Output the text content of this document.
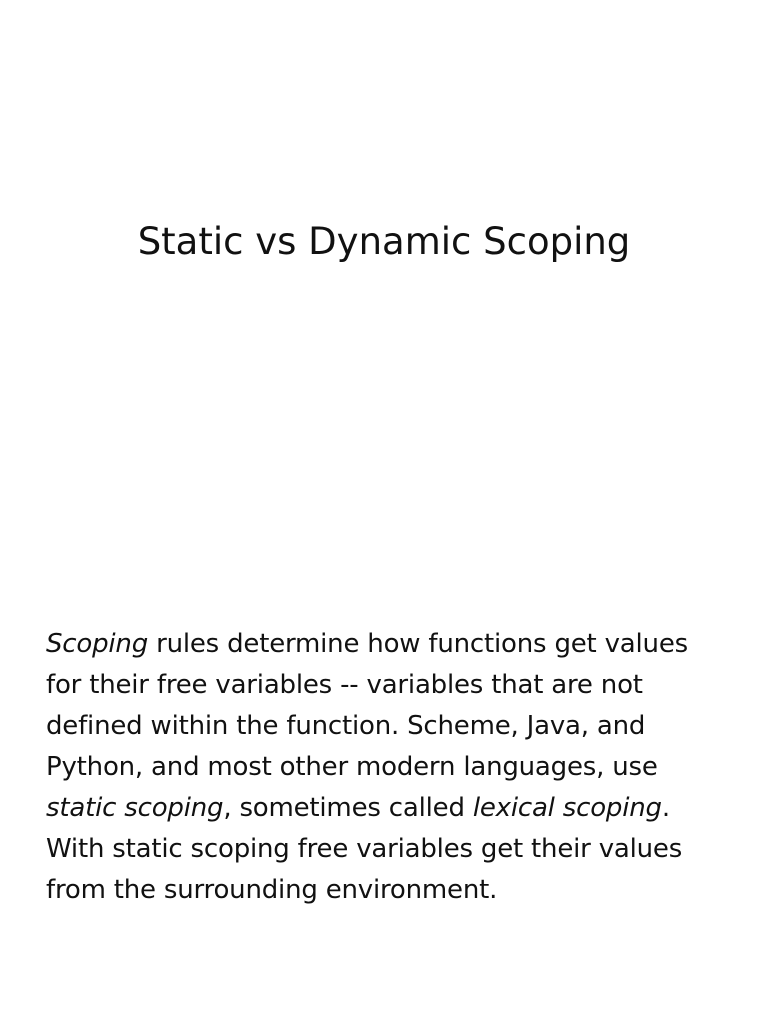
Static vs Dynamic Scoping

Scoping rules determine how functions get values
for their free variables -- variables that are not
defined within the function. Scheme, Java, and
Python, and most other modern languages, use
static scoping, sometimes called lexical scoping.
With static scoping free variables get their values
from the surrounding environment.
